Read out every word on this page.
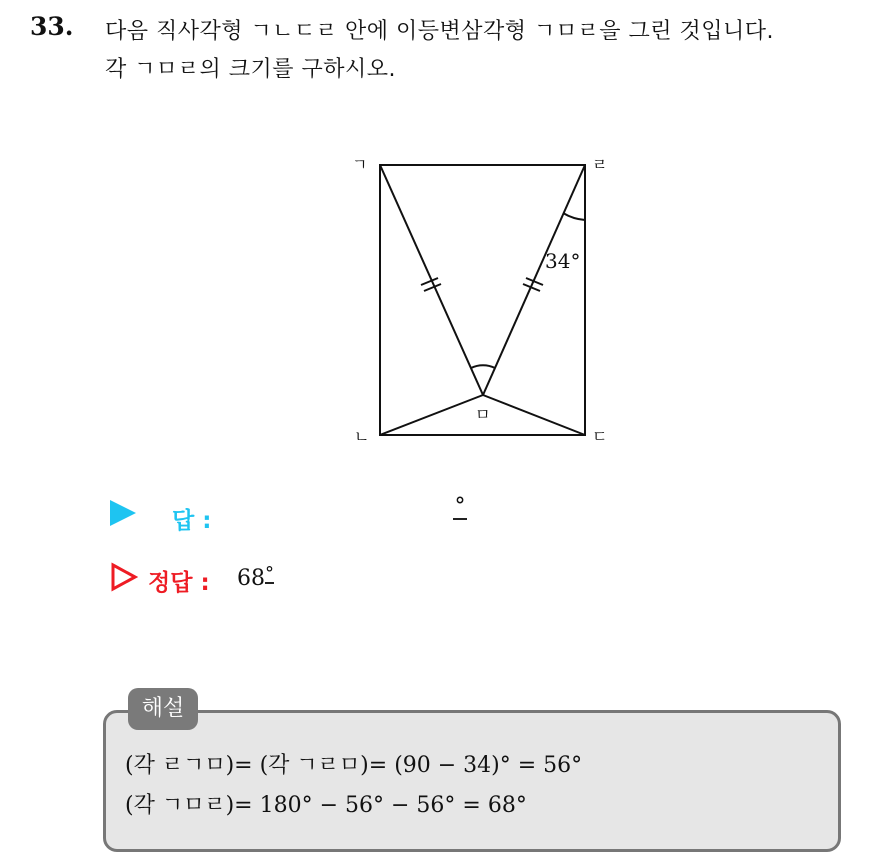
33. 다음 직사각형 ㄱㄴㄷㄹ 안에 이등변삼각형 ㄱㅁㄹ을 그린 것입니다.
각 ㄱㅁㄹ의 크기를 구하시오.
ㄱ	ㄹ
ㄴ	ㄷ
ㅁ
34°
답 :
°
정답 : 68°
해설
(각 ㄹㄱㅁ)= (각 ㄱㄹㅁ)= (90 − 34)° = 56°
(각 ㄱㅁㄹ)= 180° − 56° − 56° = 68°
